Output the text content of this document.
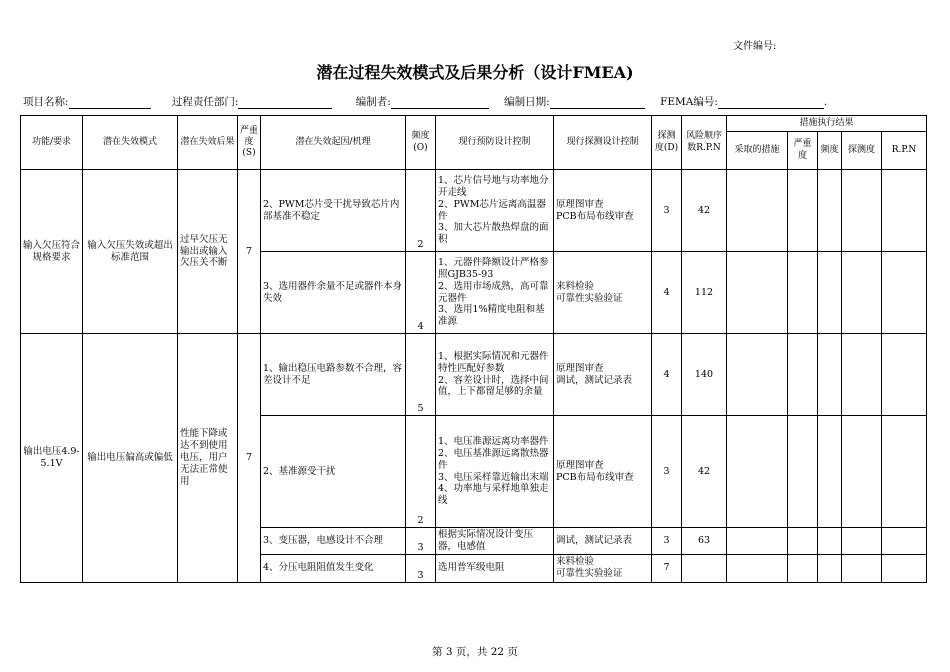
文件编号:
潜在过程失效模式及后果分析（设计FMEA)
项目名称:	过程责任部门:	编制者:	编制日期:	FEMA编号:	.
功能/要求	潜在失效模式	潜在失效后果	严重度(S)	潜在失效起因/机理	频度(O)	现行预防设计控制	现行探测设计控制	探测度(D)	风险顺序数R.P.N	措施执行结果				
										采取的措施	严重度	频度	探测度	R.P.N
输入欠压符合规格要求	输入欠压失效或超出标准范围	过早欠压无输出或输入欠压关不断	7	2、PWM芯片受干扰导致芯片内部基准不稳定	2	1、芯片信号地与功率地分开走线
2、PWM芯片远离高温器件
3、加大芯片散热焊盘的面积	原理图审查
PCB布局布线审查	3	42					
				3、选用器件余量不足或器件本身失效	4	1、元器件降额设计严格参照GJB35-93
2、选用市场成熟，高可靠元器件
3、选用1%精度电阻和基准源	来料检验
可靠性实验验证	4	112					
输出电压4.9-5.1V	输出电压偏高或偏低	性能下降或达不到使用电压，用户无法正常使用	7	1、输出稳压电路参数不合理，容差设计不足	5	1、根据实际情况和元器件特性匹配好参数
2、容差设计时，选择中间值，上下都留足够的余量	原理图审查
调试，测试记录表	4	140					
				2、基准源受干扰	2	1、电压准源远离功率器件
2、电压基准源远离散热器件
3、电压采样靠近输出末端
4、功率地与采样地单独走线	原理图审查
PCB布局布线审查	3	42					
				3、变压器，电感设计不合理	3	根据实际情况设计变压器，电感值	调试，测试记录表	3	63					
				4、分压电阻阻值发生变化	3	选用普军级电阻	来料检验
可靠性实验验证	7						
第 3 页，共 22 页
